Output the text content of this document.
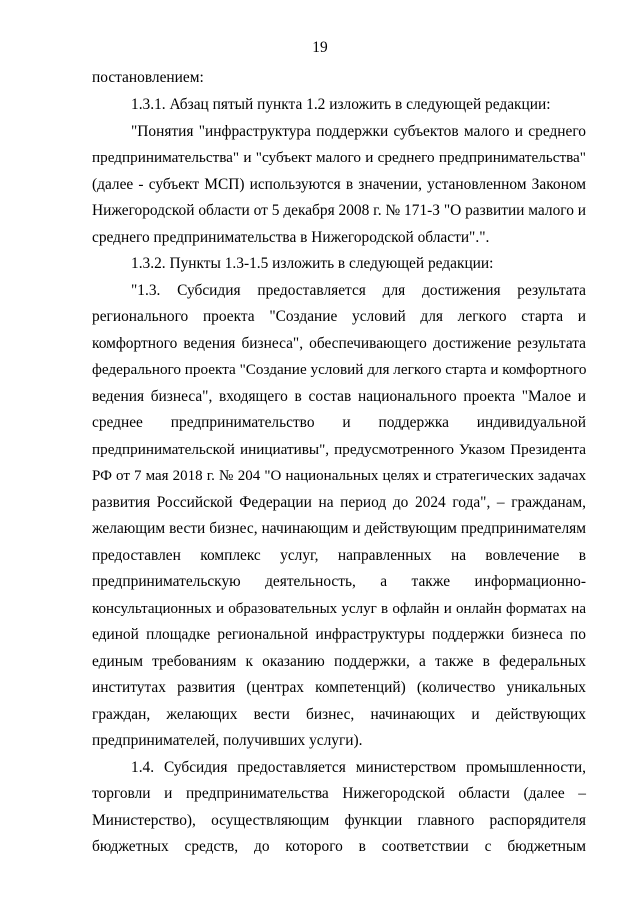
19
постановлением:
1.3.1. Абзац пятый пункта 1.2 изложить в следующей редакции:
"Понятия "инфраструктура поддержки субъектов малого и среднего
предпринимательства" и "субъект малого и среднего предпринимательства"
(далее - субъект МСП) используются в значении, установленном Законом
Нижегородской области от 5 декабря 2008 г. № 171-З "О развитии малого и
среднего предпринимательства в Нижегородской области".".
1.3.2. Пункты 1.3-1.5 изложить в следующей редакции:
"1.3. Субсидия предоставляется для достижения результата
регионального проекта "Создание условий для легкого старта и
комфортного ведения бизнеса", обеспечивающего достижение результата
федерального проекта "Создание условий для легкого старта и комфортного
ведения бизнеса", входящего в состав национального проекта "Малое и
среднее предпринимательство и поддержка индивидуальной
предпринимательской инициативы", предусмотренного Указом Президента
РФ от 7 мая 2018 г. № 204 "О национальных целях и стратегических задачах
развития Российской Федерации на период до 2024 года", – гражданам,
желающим вести бизнес, начинающим и действующим предпринимателям
предоставлен комплекс услуг, направленных на вовлечение в
предпринимательскую деятельность, а также информационно-
консультационных и образовательных услуг в офлайн и онлайн форматах на
единой площадке региональной инфраструктуры поддержки бизнеса по
единым требованиям к оказанию поддержки, а также в федеральных
институтах развития (центрах компетенций) (количество уникальных
граждан, желающих вести бизнес, начинающих и действующих
предпринимателей, получивших услуги).
1.4. Субсидия предоставляется министерством промышленности,
торговли и предпринимательства Нижегородской области (далее –
Министерство), осуществляющим функции главного распорядителя
бюджетных средств, до которого в соответствии с бюджетным
